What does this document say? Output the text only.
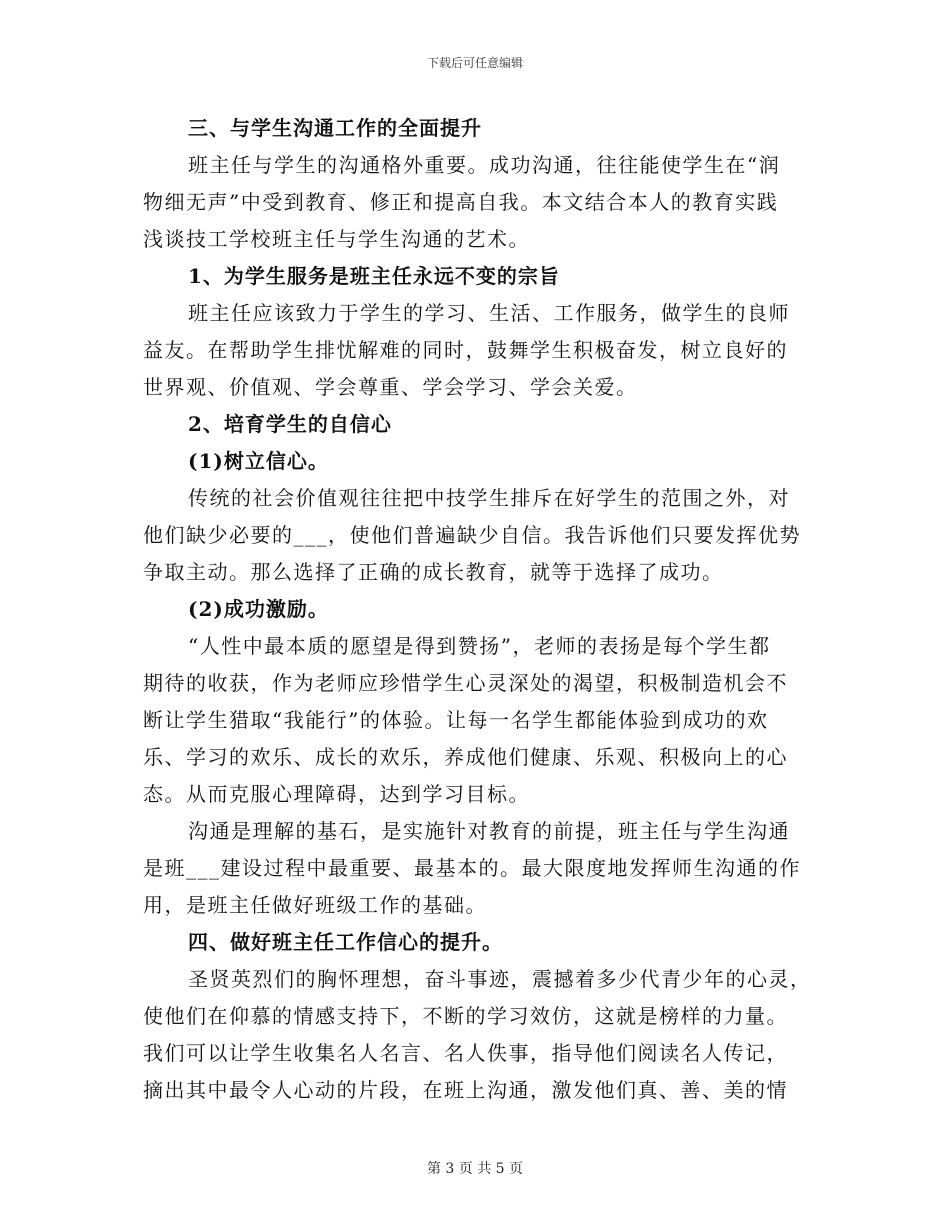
下载后可任意编辑
三、与学生沟通工作的全面提升
班主任与学生的沟通格外重要。成功沟通，往往能使学生在“润
物细无声”中受到教育、修正和提高自我。本文结合本人的教育实践
浅谈技工学校班主任与学生沟通的艺术。
1、为学生服务是班主任永远不变的宗旨
班主任应该致力于学生的学习、生活、工作服务，做学生的良师
益友。在帮助学生排忧解难的同时，鼓舞学生积极奋发，树立良好的
世界观、价值观、学会尊重、学会学习、学会关爱。
2、培育学生的自信心
(1)树立信心。
传统的社会价值观往往把中技学生排斥在好学生的范围之外，对
他们缺少必要的___，使他们普遍缺少自信。我告诉他们只要发挥优势
争取主动。那么选择了正确的成长教育，就等于选择了成功。
(2)成功激励。
“人性中最本质的愿望是得到赞扬”，老师的表扬是每个学生都
期待的收获，作为老师应珍惜学生心灵深处的渴望，积极制造机会不
断让学生猎取“我能行”的体验。让每一名学生都能体验到成功的欢
乐、学习的欢乐、成长的欢乐，养成他们健康、乐观、积极向上的心
态。从而克服心理障碍，达到学习目标。
沟通是理解的基石，是实施针对教育的前提，班主任与学生沟通
是班___建设过程中最重要、最基本的。最大限度地发挥师生沟通的作
用，是班主任做好班级工作的基础。
四、做好班主任工作信心的提升。
圣贤英烈们的胸怀理想，奋斗事迹，震撼着多少代青少年的心灵，
使他们在仰慕的情感支持下，不断的学习效仿，这就是榜样的力量。
我们可以让学生收集名人名言、名人佚事，指导他们阅读名人传记，
摘出其中最令人心动的片段，在班上沟通，激发他们真、善、美的情
第 3 页 共 5 页
